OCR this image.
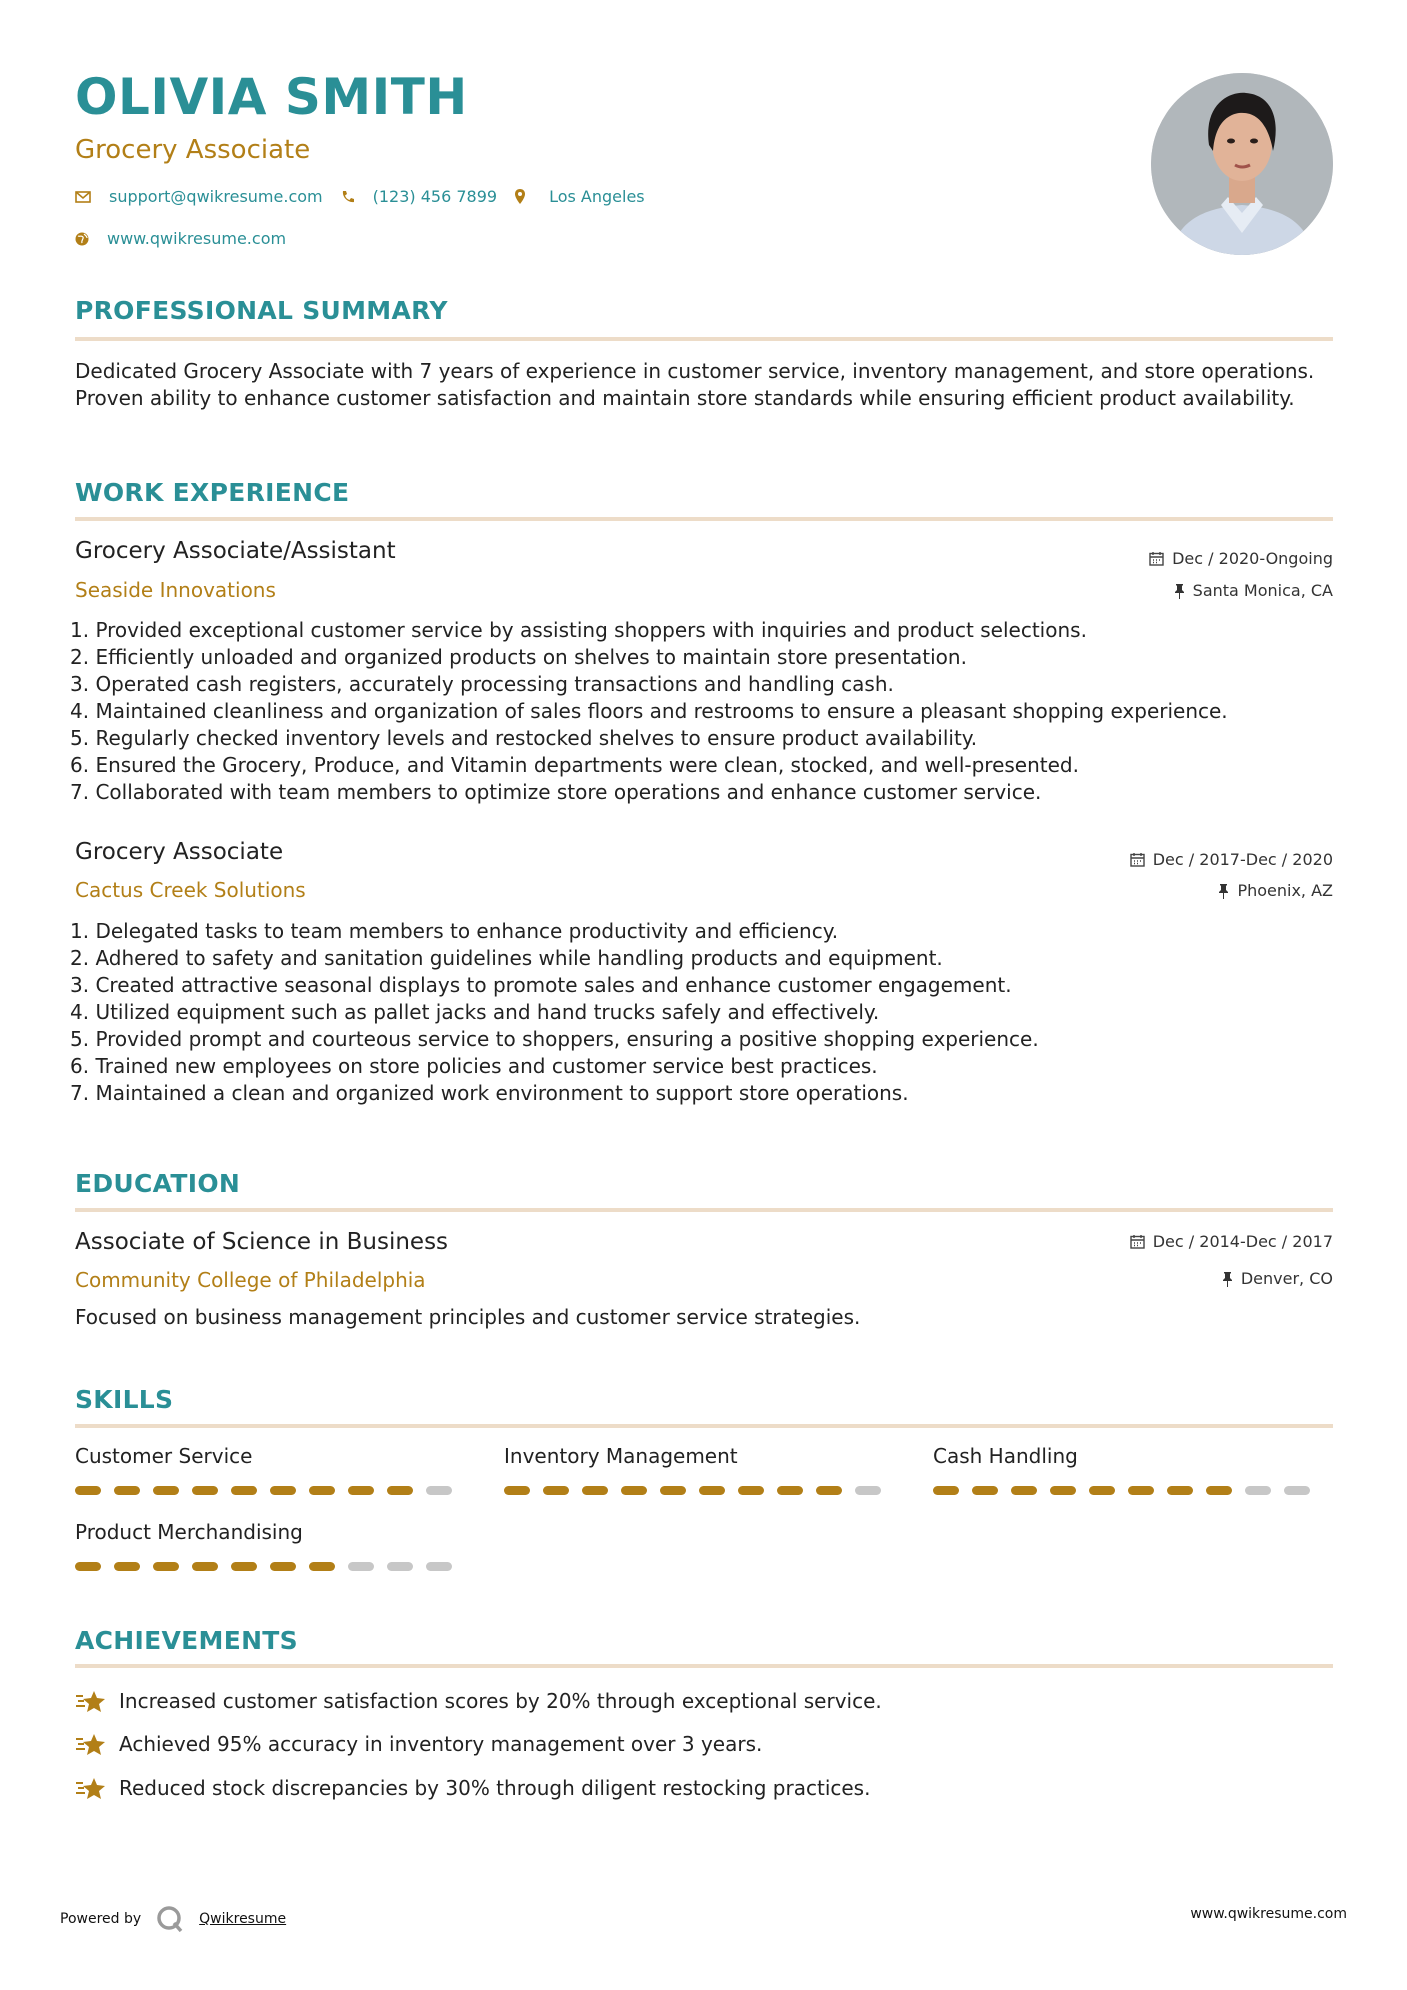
OLIVIA SMITH
Grocery Associate
support@qwikresume.com	(123) 456 7899	Los Angeles
www.qwikresume.com
PROFESSIONAL SUMMARY
Dedicated Grocery Associate with 7 years of experience in customer service, inventory management, and store operations. Proven ability to enhance customer satisfaction and maintain store standards while ensuring efficient product availability.
WORK EXPERIENCE
Grocery Associate/Assistant
Seaside Innovations
Dec / 2020-Ongoing
Santa Monica, CA
1. Provided exceptional customer service by assisting shoppers with inquiries and product selections.
2. Efficiently unloaded and organized products on shelves to maintain store presentation.
3. Operated cash registers, accurately processing transactions and handling cash.
4. Maintained cleanliness and organization of sales floors and restrooms to ensure a pleasant shopping experience.
5. Regularly checked inventory levels and restocked shelves to ensure product availability.
6. Ensured the Grocery, Produce, and Vitamin departments were clean, stocked, and well-presented.
7. Collaborated with team members to optimize store operations and enhance customer service.
Grocery Associate
Cactus Creek Solutions
Dec / 2017-Dec / 2020
Phoenix, AZ
1. Delegated tasks to team members to enhance productivity and efficiency.
2. Adhered to safety and sanitation guidelines while handling products and equipment.
3. Created attractive seasonal displays to promote sales and enhance customer engagement.
4. Utilized equipment such as pallet jacks and hand trucks safely and effectively.
5. Provided prompt and courteous service to shoppers, ensuring a positive shopping experience.
6. Trained new employees on store policies and customer service best practices.
7. Maintained a clean and organized work environment to support store operations.
EDUCATION
Associate of Science in Business
Community College of Philadelphia
Dec / 2014-Dec / 2017
Denver, CO
Focused on business management principles and customer service strategies.
SKILLS
Customer Service	Inventory Management	Cash Handling
Product Merchandising
ACHIEVEMENTS
Increased customer satisfaction scores by 20% through exceptional service.
Achieved 95% accuracy in inventory management over 3 years.
Reduced stock discrepancies by 30% through diligent restocking practices.
Powered by	Qwikresume	www.qwikresume.com
